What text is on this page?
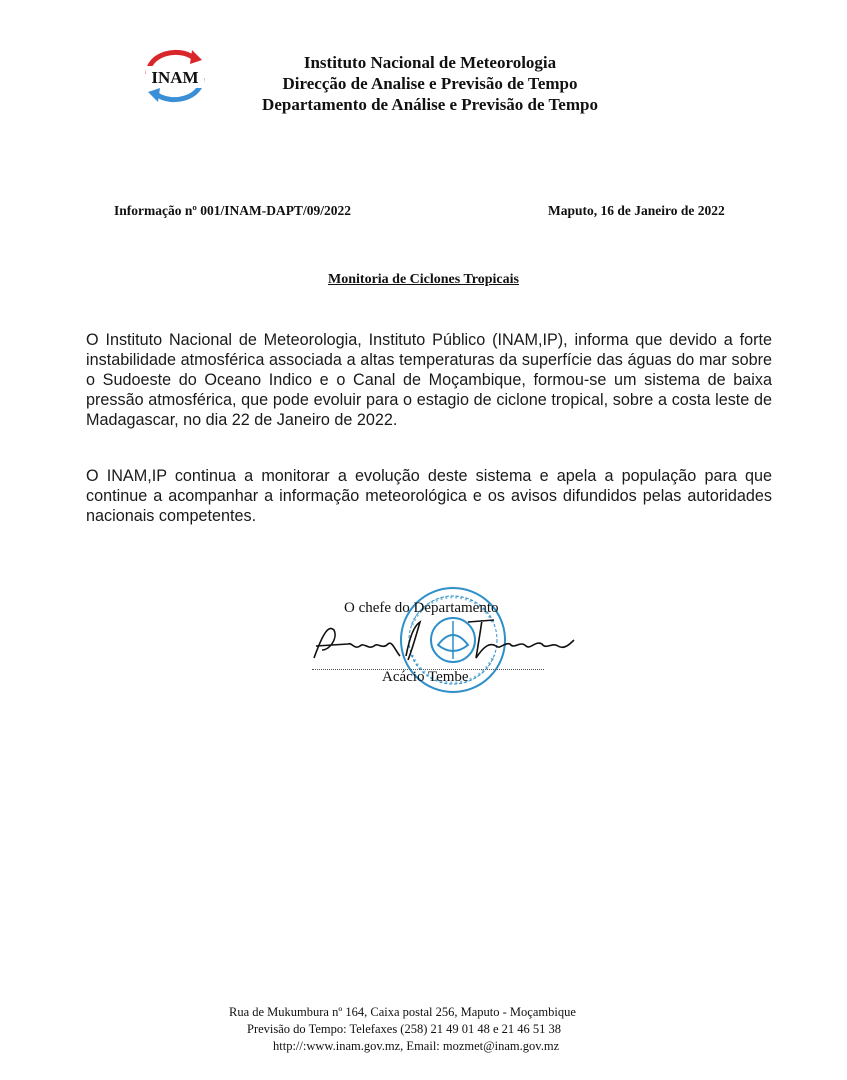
INAM
Instituto Nacional de Meteorologia
Direcção de Analise e Previsão de Tempo
Departamento de Análise e Previsão de Tempo
Informação nº 001/INAM-DAPT/09/2022	Maputo, 16 de Janeiro de 2022
Monitoria de Ciclones Tropicais
O Instituto Nacional de Meteorologia, Instituto Público (INAM,IP), informa que devido a forte instabilidade atmosférica associada a altas temperaturas da superfície das águas do mar sobre o Sudoeste do Oceano Indico e o Canal de Moçambique, formou-se um sistema de baixa pressão atmosférica, que pode evoluir para o estagio de ciclone tropical, sobre a costa leste de Madagascar, no dia 22 de Janeiro de 2022.
O INAM,IP continua a monitorar a evolução deste sistema e apela a população para que continue a acompanhar a informação meteorológica e os avisos difundidos pelas autoridades nacionais competentes.
O chefe do Departamento
Acácio Tembe
Rua de Mukumbura nº 164, Caixa postal 256, Maputo - Moçambique
Previsão do Tempo: Telefaxes (258) 21 49 01 48 e 21 46 51 38
http://:www.inam.gov.mz, Email: mozmet@inam.gov.mz
